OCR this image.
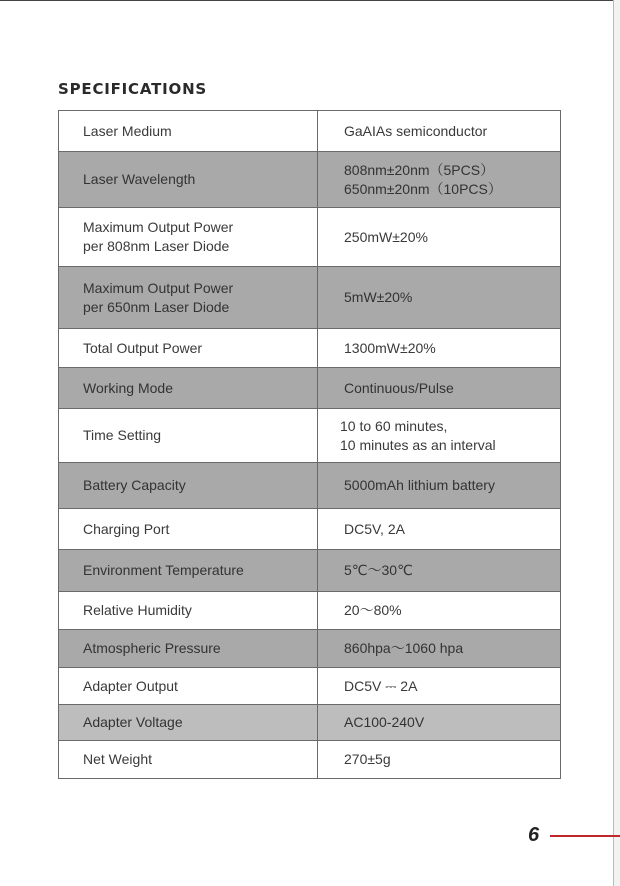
SPECIFICATIONS
Laser Medium	GaAIAs semiconductor

Laser Wavelength	808nm±20nm（5PCS）
650nm±20nm（10PCS）

Maximum Output Power
per 808nm Laser Diode	250mW±20%

Maximum Output Power
per 650nm Laser Diode	5mW±20%

Total Output Power	1300mW±20%

Working Mode	Continuous/Pulse

Time Setting	10 to 60 minutes,
10 minutes as an interval

Battery Capacity	5000mAh lithium battery

Charging Port	DC5V, 2A

Environment Temperature	5℃～30℃

Relative Humidity	20～80%

Atmospheric Pressure	860hpa～1060 hpa

Adapter Output	DC5V ⎓ 2A

Adapter Voltage	AC100-240V

Net Weight	270±5g
6
